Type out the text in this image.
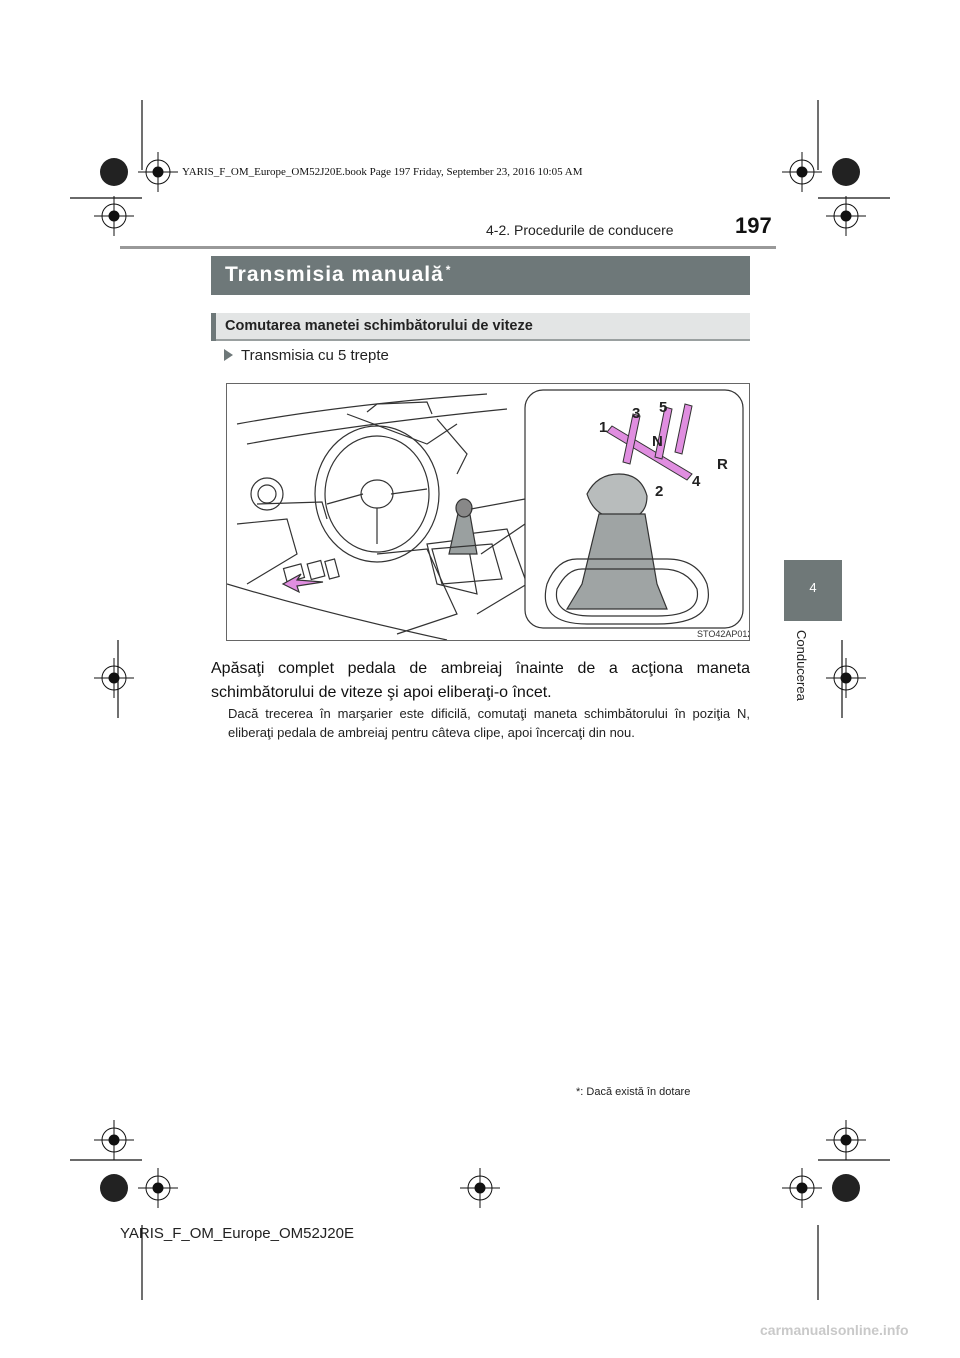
YARIS_F_OM_Europe_OM52J20E.book Page 197 Friday, September 23, 2016 10:05 AM
4-2. Procedurile de conducere	197
4
Conducerea
Transmisia manuală *
Comutarea manetei schimbătorului de viteze
Transmisia cu 5 trepte
1
3 5
N
2
4
R
STO42AP012
Apăsaţi complet pedala de ambreiaj înainte de a acţiona maneta schimbătorului de viteze şi apoi eliberaţi-o încet.
Dacă trecerea în marşarier este dificilă, comutaţi maneta schimbătorului în poziţia N, eliberaţi pedala de ambreiaj pentru câteva clipe, apoi încercaţi din nou.
*: Dacă există în dotare
YARIS_F_OM_Europe_OM52J20E
carmanualsonline.info
